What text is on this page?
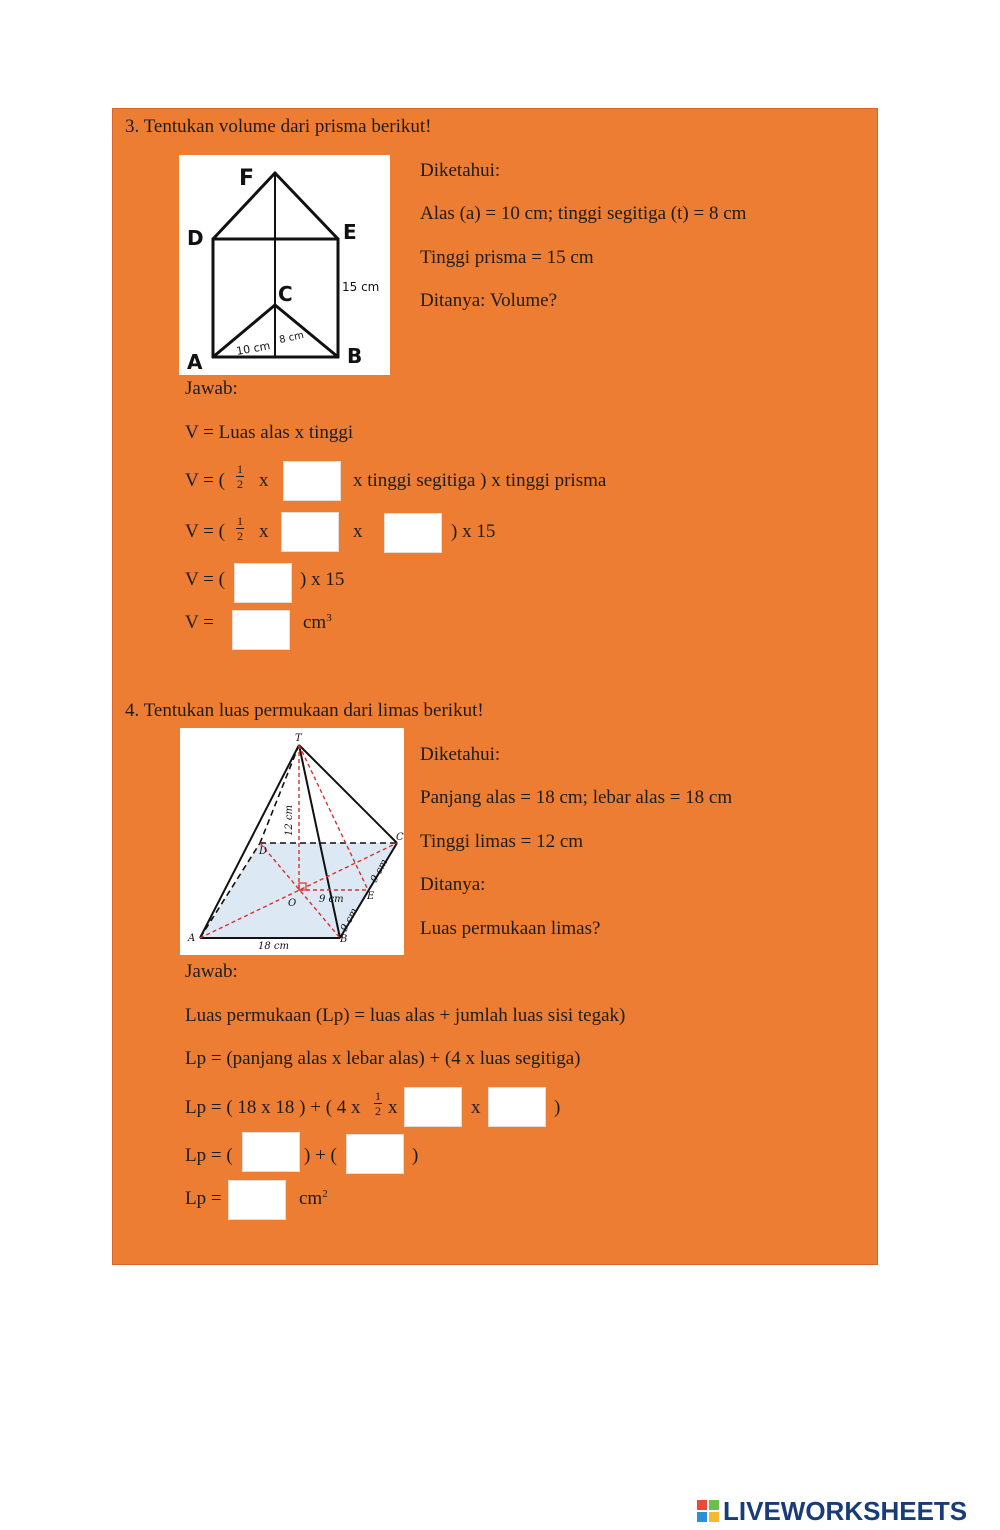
3. Tentukan volume dari prisma berikut!
F
D	E
C
A	B
15 cm
10 cm
8 cm
Diketahui:
Alas (a) = 10 cm; tinggi segitiga (t) = 8 cm
Tinggi prisma = 15 cm
Ditanya: Volume?
Jawab:
V = Luas alas x tinggi
V = (
1
2 x	x tinggi segitiga ) x tinggi prisma
V = ( 1
2 x	x	) x 15
V = (	) x 15
V =	$cm^3$
4. Tentukan luas permukaan dari limas berikut!
T
D
C
O
E
A	B
12 cm
9 cm
9 cm
9 cm
18 cm
Diketahui:
Panjang alas = 18 cm; lebar alas = 18 cm
Tinggi limas = 12 cm
Ditanya:
Luas permukaan limas?
Jawab:
Luas permukaan (Lp) = luas alas + jumlah luas sisi tegak)
Lp = (panjang alas x lebar alas) + (4 x luas segitiga)
Lp = ( 18 x 18 ) + ( 4 x
1
2 x	x	)
Lp = (	) + (	)
Lp =	$cm^2$
LIVEWORKSHEETS
